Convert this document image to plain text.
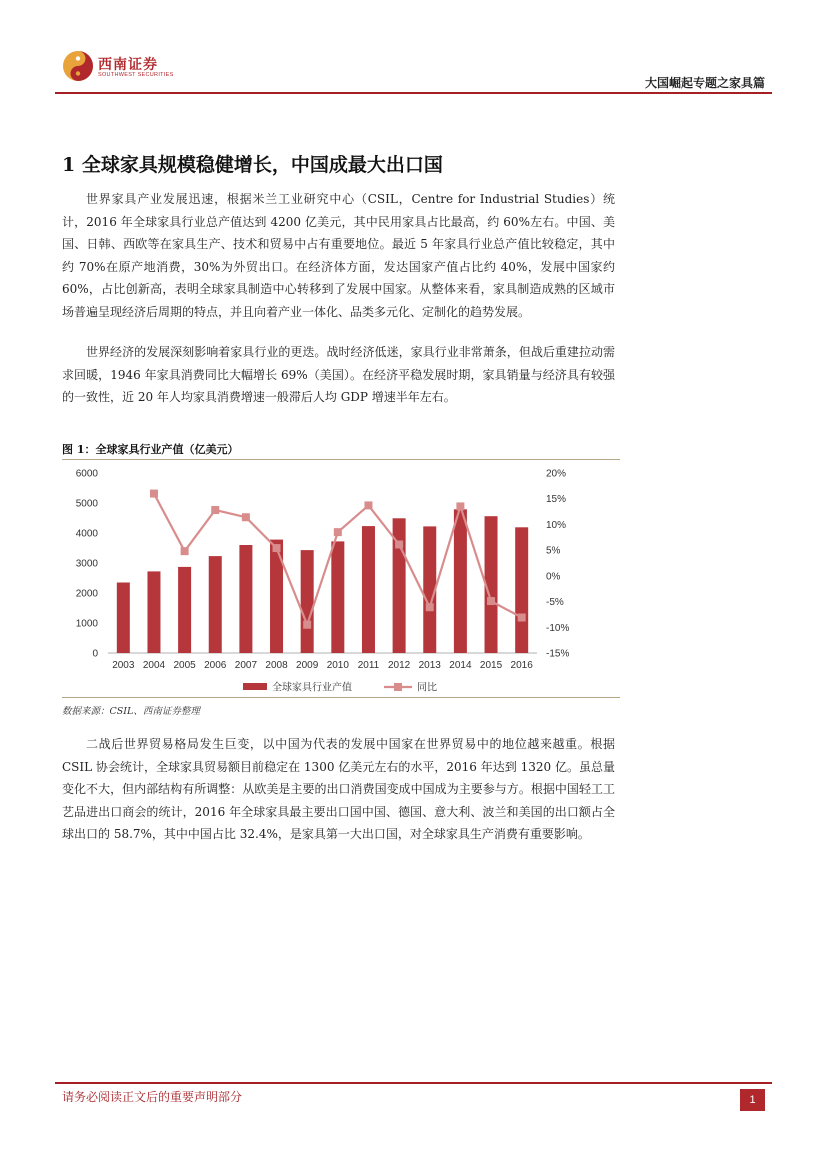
西南证券
SOUTHWEST SECURITIES
大国崛起专题之家具篇
1 全球家具规模稳健增长，中国成最大出口国

世界家具产业发展迅速，根据米兰工业研究中心（CSIL，Centre for Industrial Studies）统计，2016 年全球家具行业总产值达到 4200 亿美元，其中民用家具占比最高，约 60%左右。中国、美国、日韩、西欧等在家具生产、技术和贸易中占有重要地位。最近 5 年家具行业总产值比较稳定，其中约 70%在原产地消费，30%为外贸出口。在经济体方面，发达国家产值占比约 40%，发展中国家约 60%，占比创新高，表明全球家具制造中心转移到了发展中国家。从整体来看，家具制造成熟的区域市场普遍呈现经济后周期的特点，并且向着产业一体化、品类多元化、定制化的趋势发展。

世界经济的发展深刻影响着家具行业的更迭。战时经济低迷，家具行业非常萧条，但战后重建拉动需求回暖，1946 年家具消费同比大幅增长 69%（美国）。在经济平稳发展时期，家具销量与经济具有较强的一致性，近 20 年人均家具消费增速一般滞后人均 GDP 增速半年左右。

图 1：全球家具行业产值（亿美元）
0
1000
2000
3000
4000
5000
6000
-15%
-10%
-5%
0%
5%
10%
15%
20%
2003 2004 2005 2006 2007 2008 2009 2010 2011 2012 2013 2014 2015 2016
全球家具行业产值	同比
数据来源：CSIL、西南证券整理

二战后世界贸易格局发生巨变，以中国为代表的发展中国家在世界贸易中的地位越来越重。根据 CSIL 协会统计，全球家具贸易额目前稳定在 1300 亿美元左右的水平，2016 年达到 1320 亿。虽总量变化不大，但内部结构有所调整：从欧美是主要的出口消费国变成中国成为主要参与方。根据中国轻工工艺品进出口商会的统计，2016 年全球家具最主要出口国中国、德国、意大利、波兰和美国的出口额占全球出口的 58.7%，其中中国占比 32.4%，是家具第一大出口国，对全球家具生产消费有重要影响。

请务必阅读正文后的重要声明部分	1
